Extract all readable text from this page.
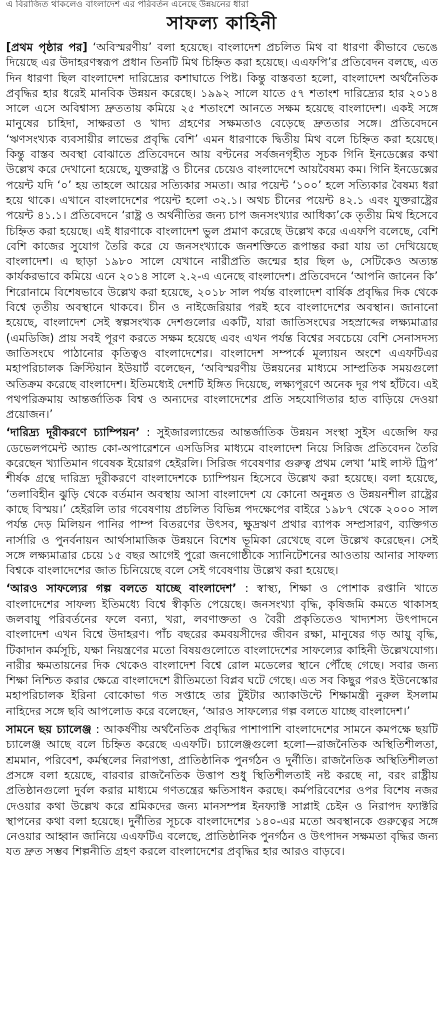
এ বিরাজিত থাকলেও বাংলাদেশ এর পরিবর্তন এনেছে উন্নয়নের ধারা
সাফল্য কাহিনী

[প্রথম পৃষ্ঠার পর] ‘অবিস্মরণীয়’ বলা হয়েছে। বাংলাদেশ প্রচলিত মিথ বা ধারণা কীভাবে ভেঙে দিয়েছে এর উদাহরণস্বরূপ প্রধান তিনটি মিথ চিহ্নিত করা হয়েছে। এএফপি’র প্রতিবেদন বলছে, এত দিন ধারণা ছিল বাংলাদেশ দারিদ্র্যের কশাঘাতে পিষ্ট। কিন্তু বাস্তবতা হলো, বাংলাদেশ অর্থনৈতিক প্রবৃদ্ধির হার ধরেই মানবিক উন্নয়ন করেছে। ১৯৯২ সালে যাতে ৫৭ শতাংশ দারিদ্র্যের হার ২০১৪ সালে এসে অবিশ্বাস্য দ্রুততায় কমিয়ে ২৫ শতাংশে আনতে সক্ষম হয়েছে বাংলাদেশ। একই সঙ্গে মানুষের চাহিদা, সাক্ষরতা ও খাদ্য গ্রহণের সক্ষমতাও বেড়েছে দ্রুততার সঙ্গে। প্রতিবেদনে ‘ঋণসংখ্যক ব্যবসায়ীর লাভের প্রবৃদ্ধি বেশি’ এমন ধারণাকে দ্বিতীয় মিথ বলে চিহ্নিত করা হয়েছে। কিন্তু বাস্তব অবস্থা বোঝাতে প্রতিবেদনে আয় বণ্টনের সর্বজনগৃহীত সূচক গিনি ইনডেক্সের কথা উল্লেখ করে দেখানো হয়েছে, যুক্তরাষ্ট্র ও চীনের চেয়েও বাংলাদেশে আয়বৈষম্য কম। গিনি ইনডেক্সের পয়েন্ট যদি ‘০’ হয় তাহলে আয়ের সত্যিকার সমতা। আর পয়েন্ট ‘১০০’ হলে সত্যিকার বৈষম্য ধরা হয়ে থাকে। এখানে বাংলাদেশের পয়েন্ট হলো ৩২.১। অথচ চীনের পয়েন্ট ৪২.১ এবং যুক্তরাষ্ট্রের পয়েন্ট ৪১.১। প্রতিবেদনে ‘রাষ্ট্র ও অর্থনীতির জন্য চাপ জনসংখ্যার আধিক্য’কে তৃতীয় মিথ হিসেবে চিহ্নিত করা হয়েছে। এই ধারণাকে বাংলাদেশ ভুল প্রমাণ করেছে উল্লেখ করে এএফপি বলেছে, বেশি বেশি কাজের সুযোগ তৈরি করে যে জনসংখ্যাকে জনশক্তিতে রূপান্তর করা যায় তা দেখিয়েছে বাংলাদেশ। এ ছাড়া ১৯৮০ সালে যেখানে নারীপ্রতি জন্মের হার ছিল ৬, সেটিকেও অত্যন্ত কার্যকরভাবে কমিয়ে এনে ২০১৪ সালে ২.২-এ এনেছে বাংলাদেশ। প্রতিবেদনে ‘আপনি জানেন কি’ শিরোনামে বিশেষভাবে উল্লেখ করা হয়েছে, ২০১৮ সাল পর্যন্ত বাংলাদেশ বার্ষিক প্রবৃদ্ধির দিক থেকে বিশ্বে তৃতীয় অবস্থানে থাকবে। চীন ও নাইজেরিয়ার পরই হবে বাংলাদেশের অবস্থান। জানানো হয়েছে, বাংলাদেশ সেই স্বল্পসংখ্যক দেশগুলোর একটি, যারা জাতিসংঘের সহস্রাব্দের লক্ষ্যমাত্রার (এমডিজি) প্রায় সবই পূরণ করতে সক্ষম হয়েছে এবং এখন পর্যন্ত বিশ্বের সবচেয়ে বেশি সেনাসদস্য জাতিসংঘে পাঠানোর কৃতিত্বও বাংলাদেশের। বাংলাদেশ সম্পর্কে মূল্যায়ন অংশে এএফটিএর মহাপরিচালক ক্রিস্টিয়ান ইউয়ার্ট বলেছেন, ‘অবিস্মরণীয় উন্নয়নের মাধ্যমে সাম্প্রতিক সময়গুলো অতিক্রম করেছে বাংলাদেশ। ইতিমধ্যেই দেশটি ইঙ্গিত দিয়েছে, লক্ষ্যপূরণে অনেক দূর পথ হাঁটবে। এই পথপরিক্রমায় আন্তর্জাতিক বিশ্ব ও অন্যদের বাংলাদেশের প্রতি সহযোগিতার হাত বাড়িয়ে দেওয়া প্রয়োজন।’

‘দারিদ্র্য দূরীকরণে চ্যাম্পিয়ন’ : সুইজারল্যান্ডের আন্তর্জাতিক উন্নয়ন সংস্থা সুইস এজেন্সি ফর ডেভেলপমেন্ট অ্যান্ড কো-অপারেশনে এসডিসির মাধ্যমে বাংলাদেশ নিয়ে সিরিজ প্রতিবেদন তৈরি করেছেন খ্যাতিমান গবেষক ইয়োরগ হেইরলি। সিরিজ গবেষণার গুরুত্ব প্রথম লেখা ‘মাই লাস্ট ট্রিপ’ শীর্ষক গ্রন্থে দারিদ্র্য দূরীকরণে বাংলাদেশকে চ্যাম্পিয়ন হিসেবে উল্লেখ করা হয়েছে। বলা হয়েছে, ‘তলাবিহীন ঝুড়ি থেকে বর্তমান অবস্থায় আসা বাংলাদেশ যে কোনো অনুন্নত ও উন্নয়নশীল রাষ্ট্রের কাছে বিস্ময়।’ হেইরলি তার গবেষণায় প্রচলিত বিভিন্ন পদক্ষেপের বাইরে ১৯৮৭ থেকে ২০০০ সাল পর্যন্ত দেড় মিলিয়ন পানির পাম্প বিতরণের উৎসব, ক্ষুদ্রঋণ প্রথার ব্যাপক সম্প্রসারণ, ব্যক্তিগত নার্সারি ও পুনর্বনায়ন আর্থসামাজিক উন্নয়নে বিশেষ ভূমিকা রেখেছে বলে উল্লেখ করেছেন। সেই সঙ্গে লক্ষ্যমাত্রার চেয়ে ১৫ বছর আগেই পুরো জনগোষ্ঠীকে স্যানিটেশনের আওতায় আনার সাফল্য বিশ্বকে বাংলাদেশের জাত চিনিয়েছে বলে সেই গবেষণায় উল্লেখ করা হয়েছে।

‘আরও সাফল্যের গল্প বলতে যাচ্ছে বাংলাদেশ’ : স্বাস্থ্য, শিক্ষা ও পোশাক রপ্তানি খাতে বাংলাদেশের সাফল্য ইতিমধ্যে বিশ্বে স্বীকৃতি পেয়েছে। জনসংখ্যা বৃদ্ধি, কৃষিজমি কমতে থাকাসহ জলবায়ু পরিবর্তনের ফলে বন্যা, খরা, লবণাক্ততা ও বৈরী প্রকৃতিতেও খাদ্যশস্য উৎপাদনে বাংলাদেশ এখন বিশ্বে উদাহরণ। পাঁচ বছরের কমবয়সীদের জীবন রক্ষা, মানুষের গড় আয়ু বৃদ্ধি, টিকাদান কর্মসূচি, যক্ষা নিয়ন্ত্রণের মতো বিষয়গুলোতে বাংলাদেশের সাফল্যের কাহিনী উল্লেখযোগ্য। নারীর ক্ষমতায়নের দিক থেকেও বাংলাদেশ বিশ্বে রোল মডেলের স্থানে পৌঁছে গেছে। সবার জন্য শিক্ষা নিশ্চিত করার ক্ষেত্রে বাংলাদেশে রীতিমতো বিপ্লব ঘটে গেছে। এত সব কিছুর পরও ইউনেস্কোর মহাপরিচালক ইরিনা বোকোভা গত সপ্তাহে তার টুইটার অ্যাকাউন্টে শিক্ষামন্ত্রী নুরুল ইসলাম নাহিদের সঙ্গে ছবি আপলোড করে বলেছেন, ‘আরও সাফল্যের গল্প বলতে যাচ্ছে বাংলাদেশ।’

সামনে ছয় চ্যালেঞ্জ : আকর্ষণীয় অর্থনৈতিক প্রবৃদ্ধির পাশাপাশি বাংলাদেশের সামনে কমপক্ষে ছয়টি চ্যালেঞ্জ আছে বলে চিহ্নিত করেছে এএফটি। চ্যালেঞ্জগুলো হলো—রাজনৈতিক অস্থিতিশীলতা, শ্রমমান, পরিবেশ, কর্মস্থলের নিরাপত্তা, প্রাতিষ্ঠানিক পুনর্গঠন ও দুর্নীতি। রাজনৈতিক অস্থিতিশীলতা প্রসঙ্গে বলা হয়েছে, বারবার রাজনৈতিক উত্তাপ শুধু স্থিতিশীলতাই নষ্ট করছে না, বরং রাষ্ট্রীয় প্রতিষ্ঠানগুলো দুর্বল করার মাধ্যমে গণতন্ত্রের ক্ষতিসাধন করছে। কর্মপরিবেশের ওপর বিশেষ নজর দেওয়ার কথা উল্লেখ করে শ্রমিকদের জন্য মানসম্পন্ন ইনফ্যাক্ট সাপ্লাই চেইন ও নিরাপদ ফ্যাক্টরি স্থাপনের কথা বলা হয়েছে। দুর্নীতির সূচকে বাংলাদেশের ১৪০-এর মতো অবস্থানকে গুরুত্বের সঙ্গে নেওয়ার আহ্বান জানিয়ে এএফটিএ বলেছে, প্রাতিষ্ঠানিক পুনর্গঠন ও উৎপাদন সক্ষমতা বৃদ্ধির জন্য যত দ্রুত সম্ভব শিল্পনীতি গ্রহণ করলে বাংলাদেশের প্রবৃদ্ধির হার আরও বাড়বে।
